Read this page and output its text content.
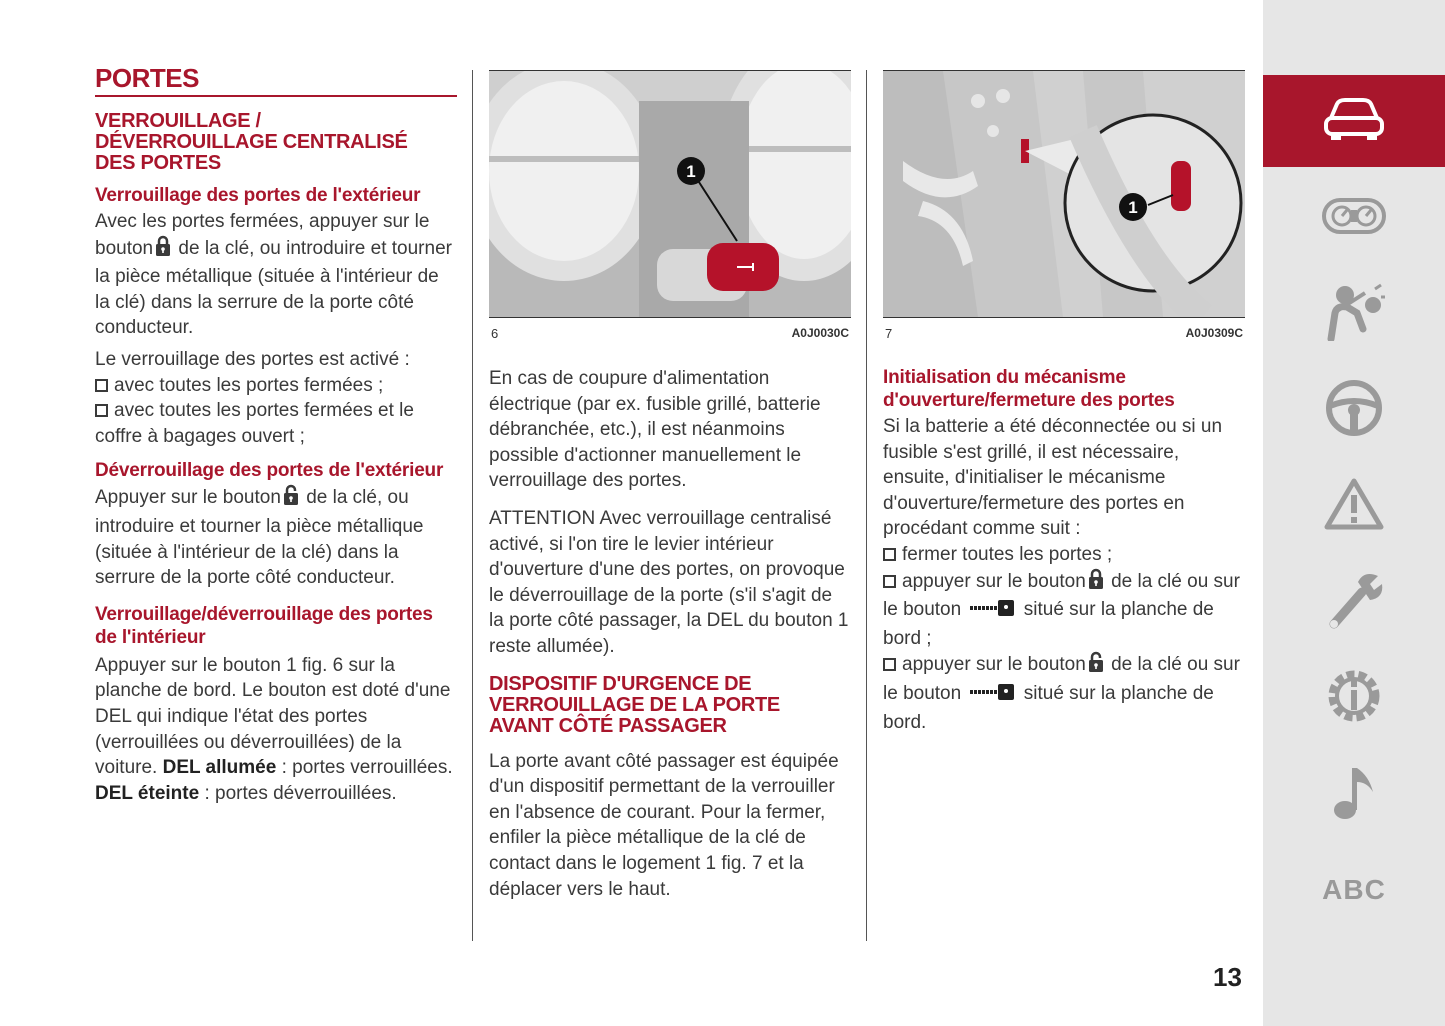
PORTES
VERROUILLAGE / DÉVERROUILLAGE CENTRALISÉ DES PORTES
Verrouillage des portes de l'extérieur

Avec les portes fermées, appuyer sur le bouton de la clé, ou introduire et tourner la pièce métallique (située à l'intérieur de la clé) dans la serrure de la porte côté conducteur.

Le verrouillage des portes est activé :
avec toutes les portes fermées ;
avec toutes les portes fermées et le coffre à bagages ouvert ;

Déverrouillage des portes de l'extérieur

Appuyer sur le bouton de la clé, ou introduire et tourner la pièce métallique (située à l'intérieur de la clé) dans la serrure de la porte côté conducteur.

Verrouillage/déverrouillage des portes de l'intérieur

Appuyer sur le bouton 1 fig. 6 sur la planche de bord. Le bouton est doté d'une DEL qui indique l'état des portes (verrouillées ou déverrouillées) de la voiture. DEL allumée : portes verrouillées. DEL éteinte : portes déverrouillées.

1
6	A0J0030C

En cas de coupure d'alimentation électrique (par ex. fusible grillé, batterie débranchée, etc.), il est néanmoins possible d'actionner manuellement le verrouillage des portes.

ATTENTION Avec verrouillage centralisé activé, si l'on tire le levier intérieur d'ouverture d'une des portes, on provoque le déverrouillage de la porte (s'il s'agit de la porte côté passager, la DEL du bouton 1 reste allumée).

DISPOSITIF D'URGENCE DE VERROUILLAGE DE LA PORTE AVANT CÔTÉ PASSAGER

La porte avant côté passager est équipée d'un dispositif permettant de la verrouiller en l'absence de courant. Pour la fermer, enfiler la pièce métallique de la clé de contact dans le logement 1 fig. 7 et la déplacer vers le haut.

1
7	A0J0309C
Initialisation du mécanisme d'ouverture/fermeture des portes

Si la batterie a été déconnectée ou si un fusible s'est grillé, il est nécessaire, ensuite, d'initialiser le mécanisme d'ouverture/fermeture des portes en procédant comme suit :
fermer toutes les portes ;
appuyer sur le bouton de la clé ou sur le bouton	situé sur la planche de bord ;
appuyer sur le bouton de la clé ou sur le bouton	situé sur la planche de bord.

ABC
13
